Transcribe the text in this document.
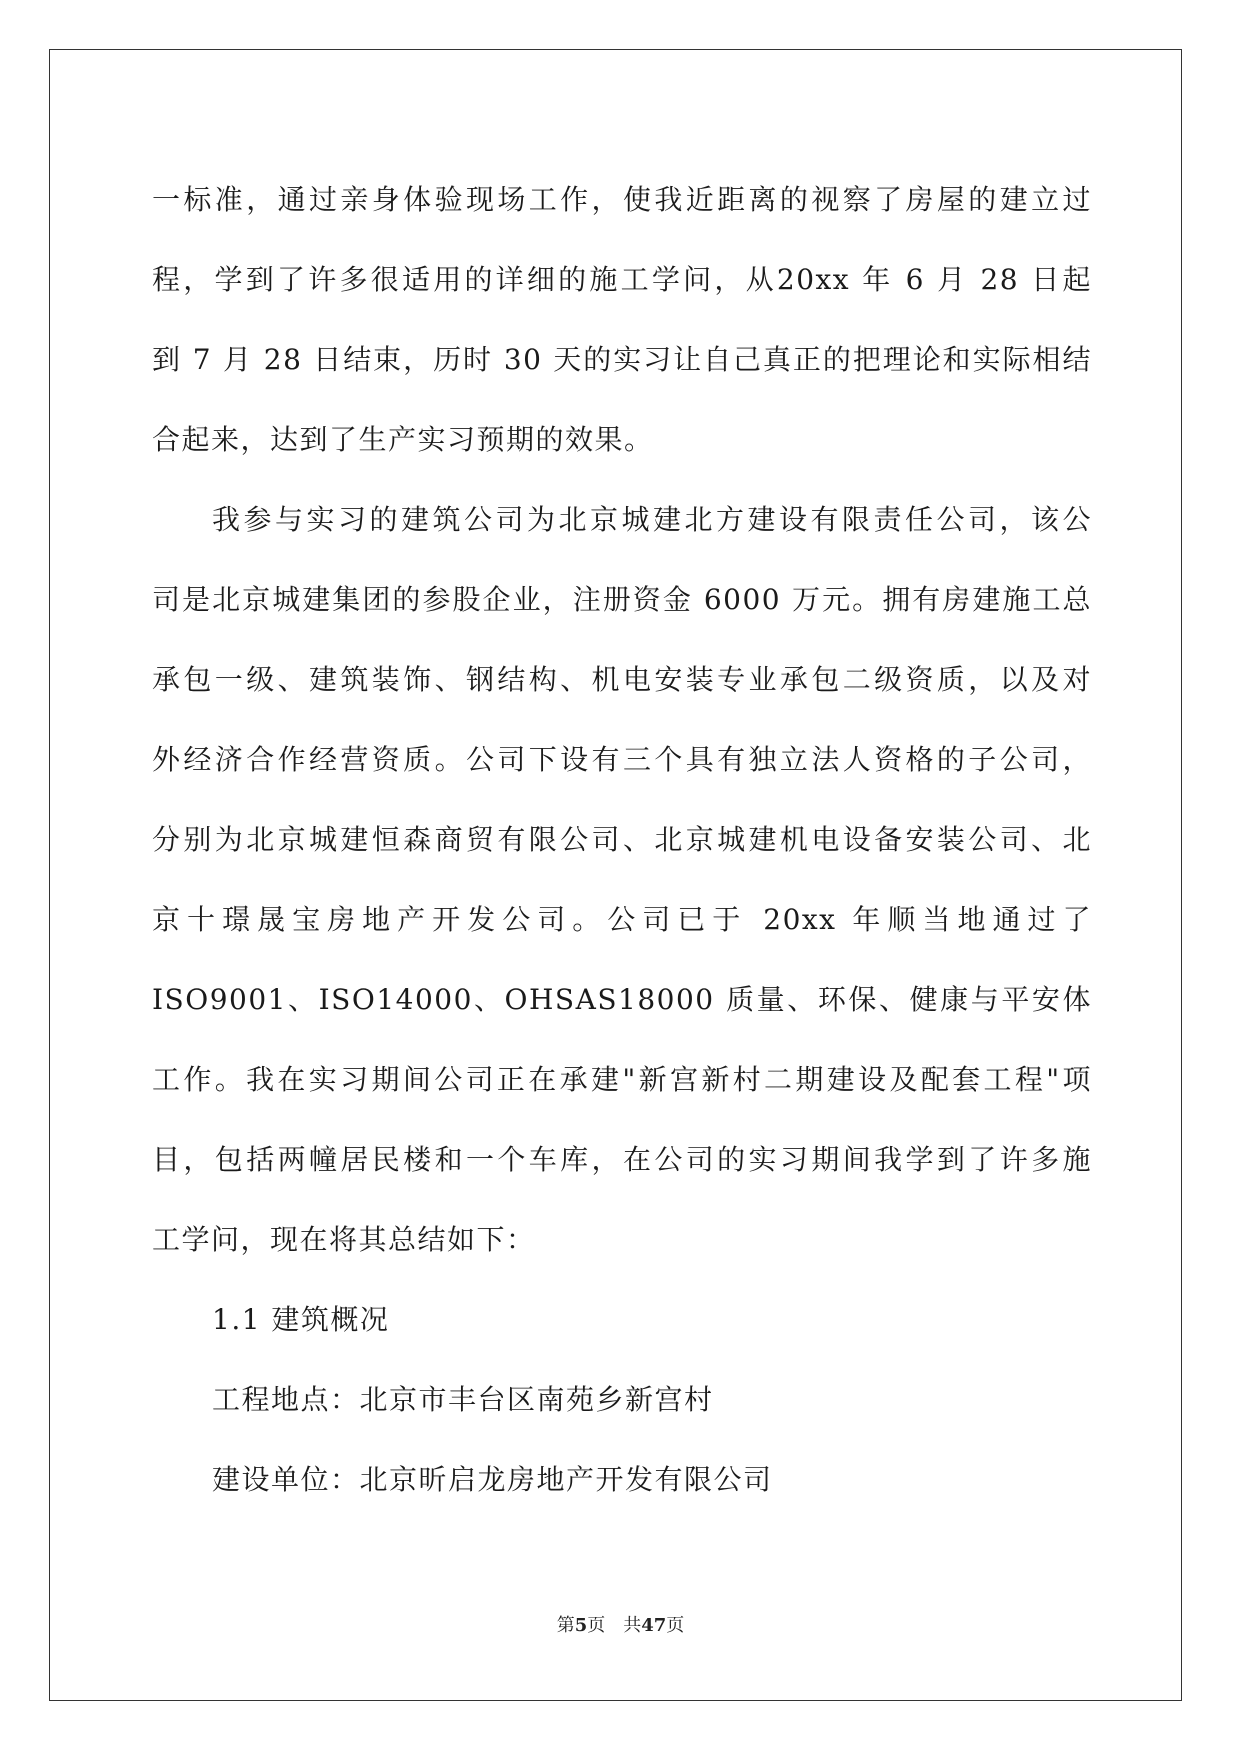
一标准，通过亲身体验现场工作，使我近距离的视察了房屋的建立过
程，学到了许多很适用的详细的施工学问，从20xx 年 6 月 28 日起
到 7 月 28 日结束，历时 30 天的实习让自己真正的把理论和实际相结
合起来，达到了生产实习预期的效果。
我参与实习的建筑公司为北京城建北方建设有限责任公司，该公
司是北京城建集团的参股企业，注册资金 6000 万元。拥有房建施工总
承包一级、建筑装饰、钢结构、机电安装专业承包二级资质，以及对
外经济合作经营资质。公司下设有三个具有独立法人资格的子公司，
分别为北京城建恒森商贸有限公司、北京城建机电设备安装公司、北
京十璟晟宝房地产开发公司。公司已于 20xx 年顺当地通过了
ISO9001、ISO14000、OHSAS18000 质量、环保、健康与平安体
工作。我在实习期间公司正在承建"新宫新村二期建设及配套工程"项
目，包括两幢居民楼和一个车库，在公司的实习期间我学到了许多施
工学问，现在将其总结如下：
1.1 建筑概况
工程地点：北京市丰台区南苑乡新宫村
建设单位：北京昕启龙房地产开发有限公司
第5页 共47页
